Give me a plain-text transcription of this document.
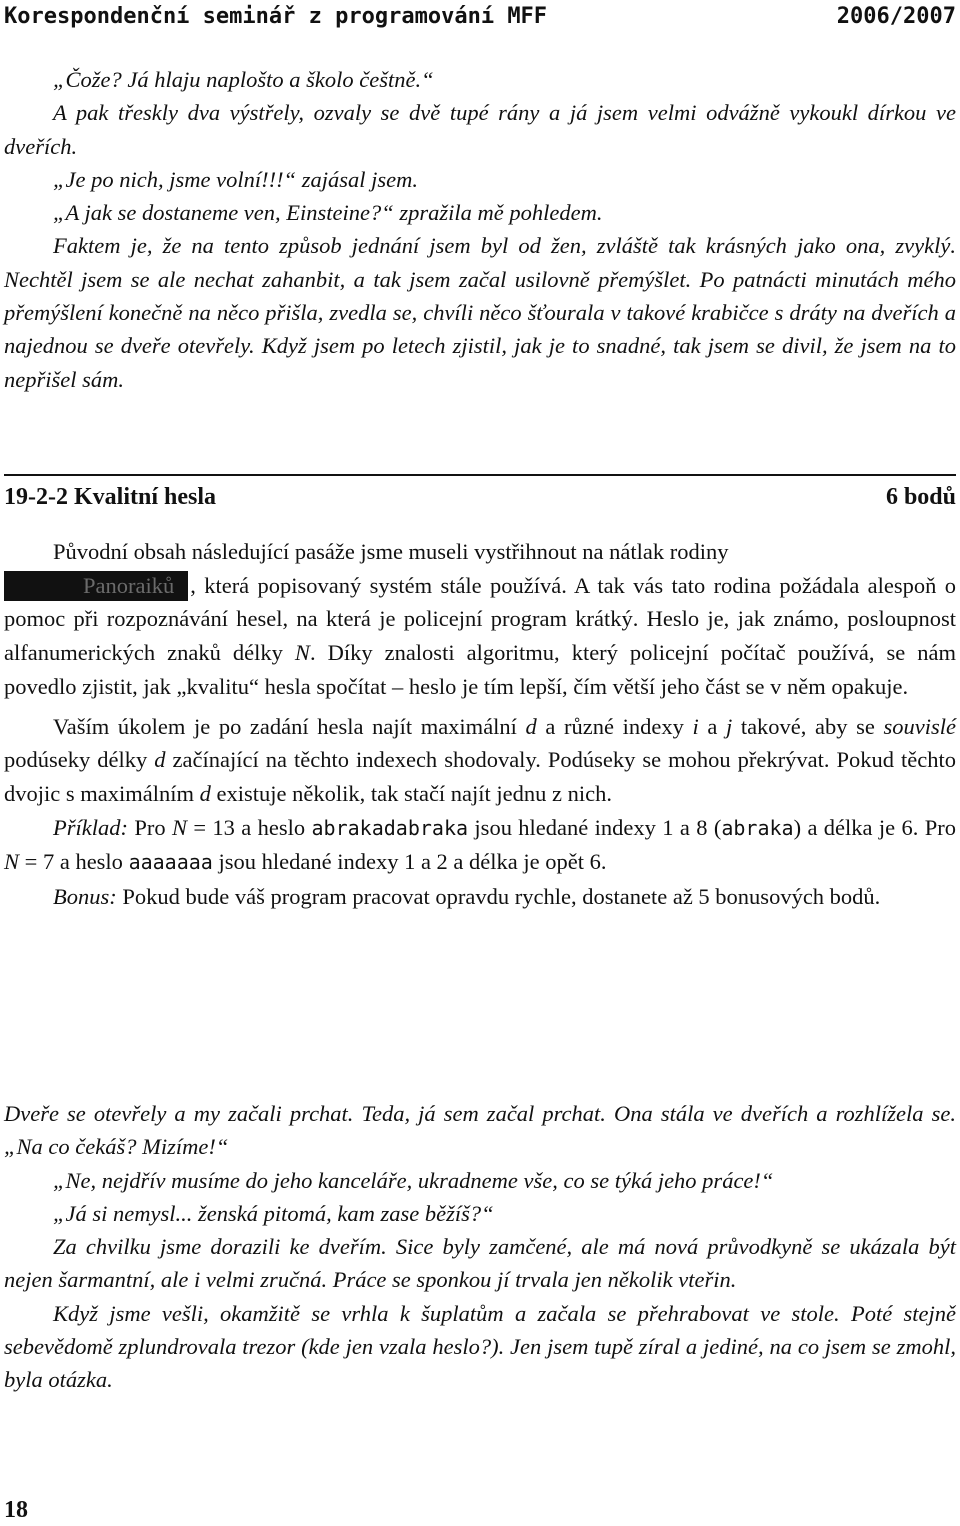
Korespondenční seminář z programování MFF	2006/2007

„Čože? Já hlaju naplošto a školo češtně.“

A pak třeskly dva výstřely, ozvaly se dvě tupé rány a já jsem velmi odvážně vykoukl dírkou ve dveřích.

„Je po nich, jsme volní!!!“ zajásal jsem.

„A jak se dostaneme ven, Einsteine?“ zpražila mě pohledem.

Faktem je, že na tento způsob jednání jsem byl od žen, zvláště tak krásných jako ona, zvyklý. Nechtěl jsem se ale nechat zahanbit, a tak jsem začal usilovně přemýšlet. Po patnácti minutách mého přemýšlení konečně na něco přišla, zvedla se, chvíli něco šťourala v takové krabičce s dráty na dveřích a najednou se dveře otevřely. Když jsem po letech zjistil, jak je to snadné, tak jsem se divil, že jsem na to nepřišel sám.

19-2-2 Kvalitní hesla	6 bodů

Původní obsah následující pasáže jsme museli vystřihnout na nátlak rodiny
Panoraiků , která popisovaný systém stále používá. A tak vás tato rodina požádala alespoň o pomoc při rozpoznávání hesel, na která je policejní program krátký. Heslo je, jak známo, posloupnost alfanumerických znaků délky N. Díky znalosti algoritmu, který policejní počítač používá, se nám povedlo zjistit, jak „kvalitu“ hesla spočítat – heslo je tím lepší, čím větší jeho část se v něm opakuje.

Vaším úkolem je po zadání hesla najít maximální d a různé indexy i a j takové, aby se souvislé podúseky délky d začínající na těchto indexech shodovaly. Podúseky se mohou překrývat. Pokud těchto dvojic s maximálním d existuje několik, tak stačí najít jednu z nich.

Příklad: Pro N = 13 a heslo abrakadabraka jsou hledané indexy 1 a 8 (abraka) a délka je 6. Pro N = 7 a heslo aaaaaaa jsou hledané indexy 1 a 2 a délka je opět 6.

Bonus: Pokud bude váš program pracovat opravdu rychle, dostanete až 5 bonusových bodů.

Dveře se otevřely a my začali prchat. Teda, já sem začal prchat. Ona stála ve dveřích a rozhlížela se. „Na co čekáš? Mizíme!“

„Ne, nejdřív musíme do jeho kanceláře, ukradneme vše, co se týká jeho práce!“

„Já si nemysl... ženská pitomá, kam zase běžíš?“

Za chvilku jsme dorazili ke dveřím. Sice byly zamčené, ale má nová průvodkyně se ukázala být nejen šarmantní, ale i velmi zručná. Práce se sponkou jí trvala jen několik vteřin.

Když jsme vešli, okamžitě se vrhla k šuplatům a začala se přehrabovat ve stole. Poté stejně sebevědomě zplundrovala trezor (kde jen vzala heslo?). Jen jsem tupě zíral a jediné, na co jsem se zmohl, byla otázka.

18
